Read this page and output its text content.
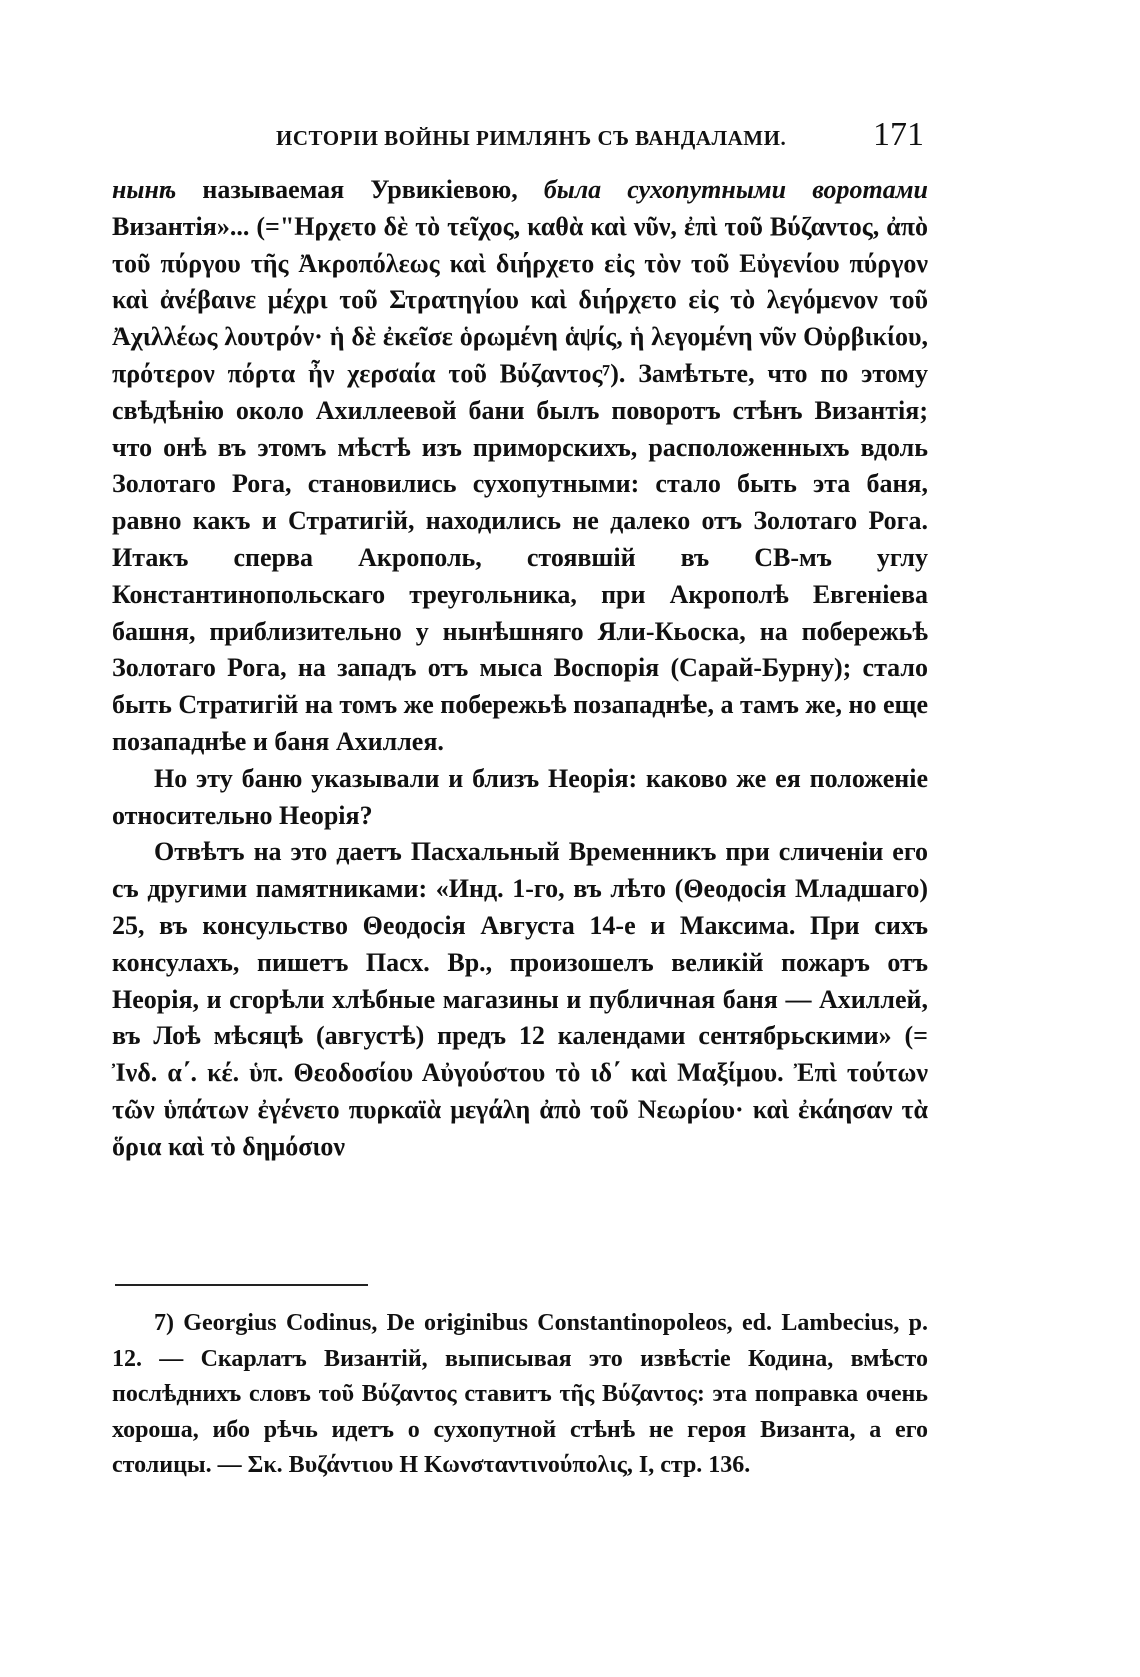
ИСТОРІИ ВОЙНЫ РИМЛЯНЪ СЪ ВАНДАЛАМИ.	171

нынѣ называемая Урвикіевою, была сухопутными воротами Византія»... (="Ηρχετο δὲ τὸ τεῖχος, καθὰ καὶ νῦν, ἐπὶ τοῦ Βύζαντος, ἀπὸ τοῦ πύργου τῆς Ἀκροπόλεως καὶ διήρχετο εἰς τὸν τοῦ Εὐγενίου πύργον καὶ ἀνέβαινε μέχρι τοῦ Στρατηγίου καὶ διήρχετο εἰς τὸ λεγόμενον τοῦ Ἀχιλλέως λουτρόν· ἡ δὲ ἐκεῖσε ὁρωμένη ἁψίς, ἡ λεγομένη νῦν Οὐρβικίου, πρότερον πόρτα ἦν χερσαία τοῦ Βύζαντος⁷). Замѣтьте, что по этому свѣдѣнію около Ахиллеевой бани былъ поворотъ стѣнъ Византія; что онѣ въ этомъ мѣстѣ изъ приморскихъ, расположенныхъ вдоль Золотаго Рога, становились сухопутными: стало быть эта баня, равно какъ и Стратигій, находились не далеко отъ Золотаго Рога. Итакъ сперва Акрополь, стоявшій въ СВ-мъ углу Константинопольскаго треугольника, при Акрополѣ Евгеніева башня, приблизительно у нынѣшняго Яли-Кьоска, на побережьѣ Золотаго Рога, на западъ отъ мыса Воспорія (Сарай-Бурну); стало быть Стратигій на томъ же побережьѣ позападнѣе, а тамъ же, но еще позападнѣе и баня Ахиллея.

Но эту баню указывали и близъ Неорія: каково же ея положеніе относительно Неорія?

Отвѣтъ на это даетъ Пасхальный Временникъ при сличеніи его съ другими памятниками: «Инд. 1-го, въ лѣто (Θеодосія Младшаго) 25, въ консульство Θеодосія Августа 14-е и Максима. При сихъ консулахъ, пишетъ Пасх. Вр., произошелъ великій пожаръ отъ Неорія, и сгорѣли хлѣбные магазины и публичная баня — Ахиллей, въ Лоѣ мѣсяцѣ (августѣ) предъ 12 календами сентябрьскими» (= Ἰνδ. α΄. κέ. ὑπ. Θεοδοσίου Αὐγούστου τὸ ιδ΄ καὶ Μαξίμου. Ἐπὶ τούτων τῶν ὑπάτων ἐγένετο πυρκαϊὰ μεγάλη ἀπὸ τοῦ Νεωρίου· καὶ ἐκάησαν τὰ ὅρια καὶ τὸ δημόσιον

7) Georgius Codinus, De originibus Constantinopoleos, ed. Lambecius, p. 12. — Скарлатъ Византій, выписывая это извѣстіе Кодина, вмѣсто послѣднихъ словъ τοῦ Βύζαντος ставитъ τῆς Βύζαντος: эта поправка очень хороша, ибо рѣчь идетъ о сухопутной стѣнѣ не героя Византа, а его столицы. — Σκ. Βυζάντιου Η Κωνσταντινούπολις, I, стр. 136.
